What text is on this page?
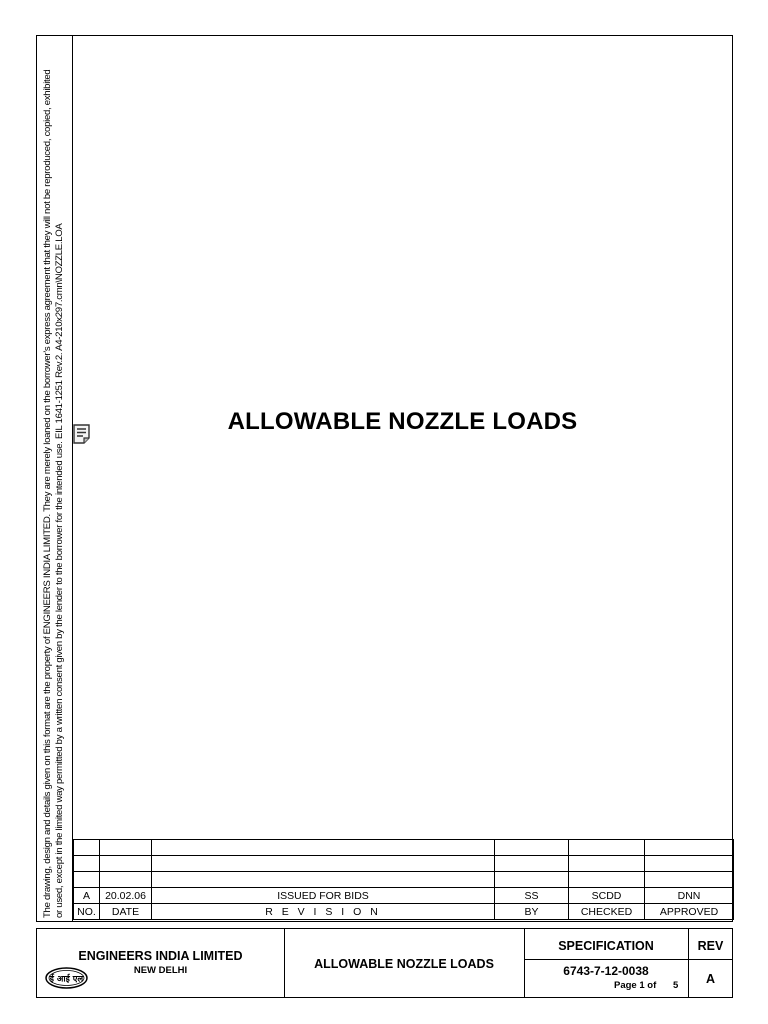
The drawing, design and details given on this format are the property of ENGINEERS INDIA LIMITED. They are merely loaned on the borrower's express agreement that they will not be reproduced, copied, exhibited or used, except in the limited way permitted by a written consent given by the lender to the borrower for the intended use. EIL 1641-1251 Rev.2. A4-210x297.cmn\NOZZLE.LOA	ALLOWABLE NOZZLE LOADS

A	20.02.06	ISSUED FOR BIDS	SS	SCDD	DNN
NO.	DATE	R E V I S I O N	BY	CHECKED	APPROVED
ENGINEERS INDIA LIMITED
NEW DELHI
ई आई एल
ALLOWABLE NOZZLE LOADS
SPECIFICATION
6743-7-12-0038
Page 1 of 5
REV
A
